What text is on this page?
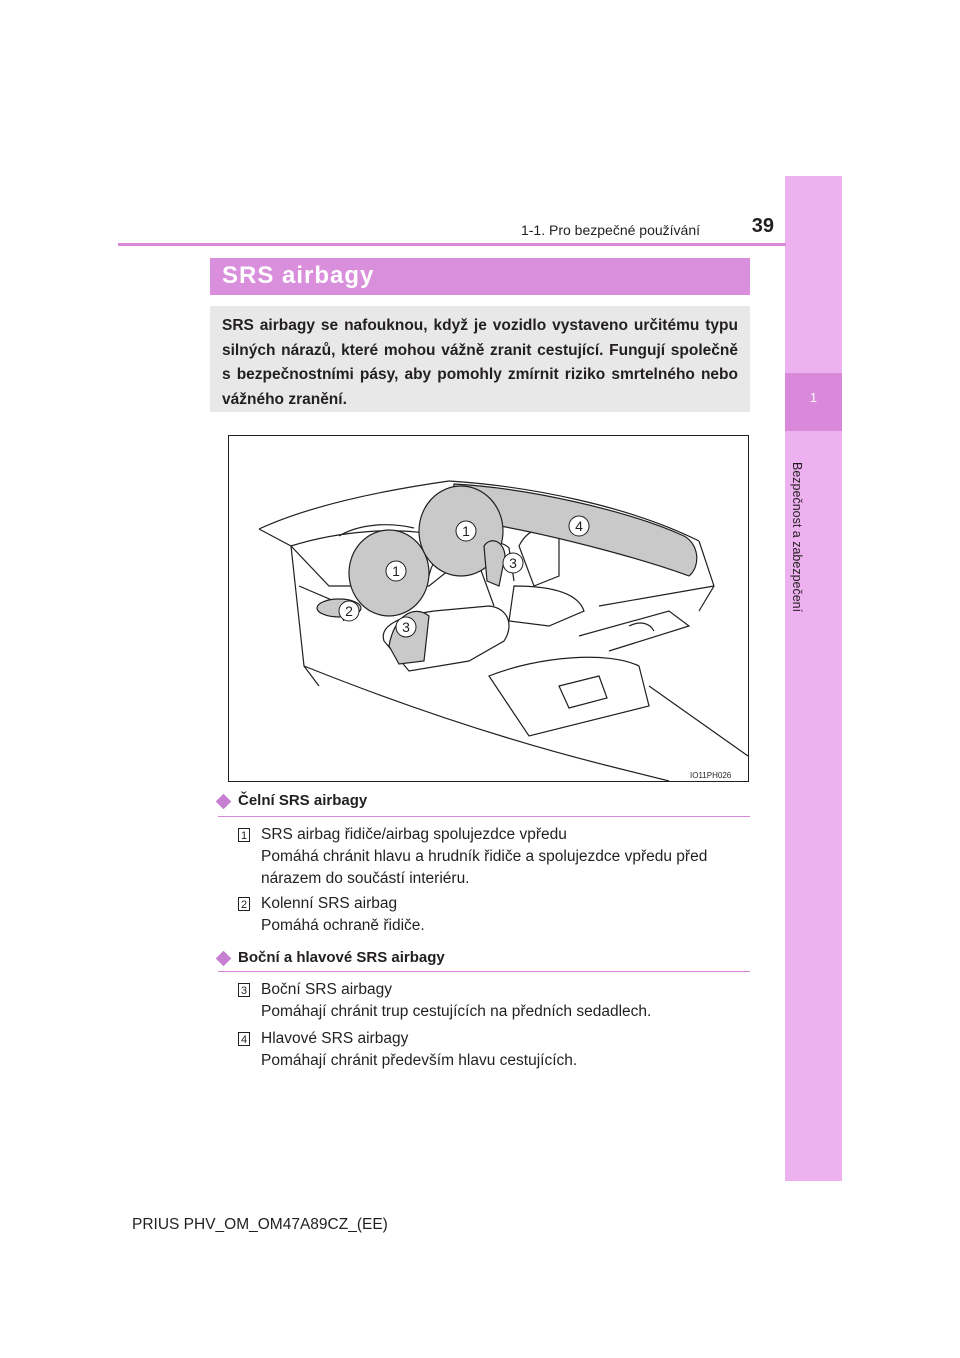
1
Bezpečnost a zabezpečení
1-1. Pro bezpečné používání	39
SRS airbagy
SRS airbagy se nafouknou, když je vozidlo vystaveno určitému typu silných nárazů, které mohou vážně zranit cestující. Fungují společně s bezpečnostními pásy, aby pomohly zmírnit riziko smrtelného nebo vážného zranění.
1
1
2
3
3
4
IO11PH026
Čelní SRS airbagy
1 SRS airbag řidiče/airbag spolujezdce vpředu
Pomáhá chránit hlavu a hrudník řidiče a spolujezdce vpředu před nárazem do součástí interiéru.
2 Kolenní SRS airbag
Pomáhá ochraně řidiče.
Boční a hlavové SRS airbagy
3 Boční SRS airbagy
Pomáhají chránit trup cestujících na předních sedadlech.
4 Hlavové SRS airbagy
Pomáhají chránit především hlavu cestujících.
PRIUS PHV_OM_OM47A89CZ_(EE)
